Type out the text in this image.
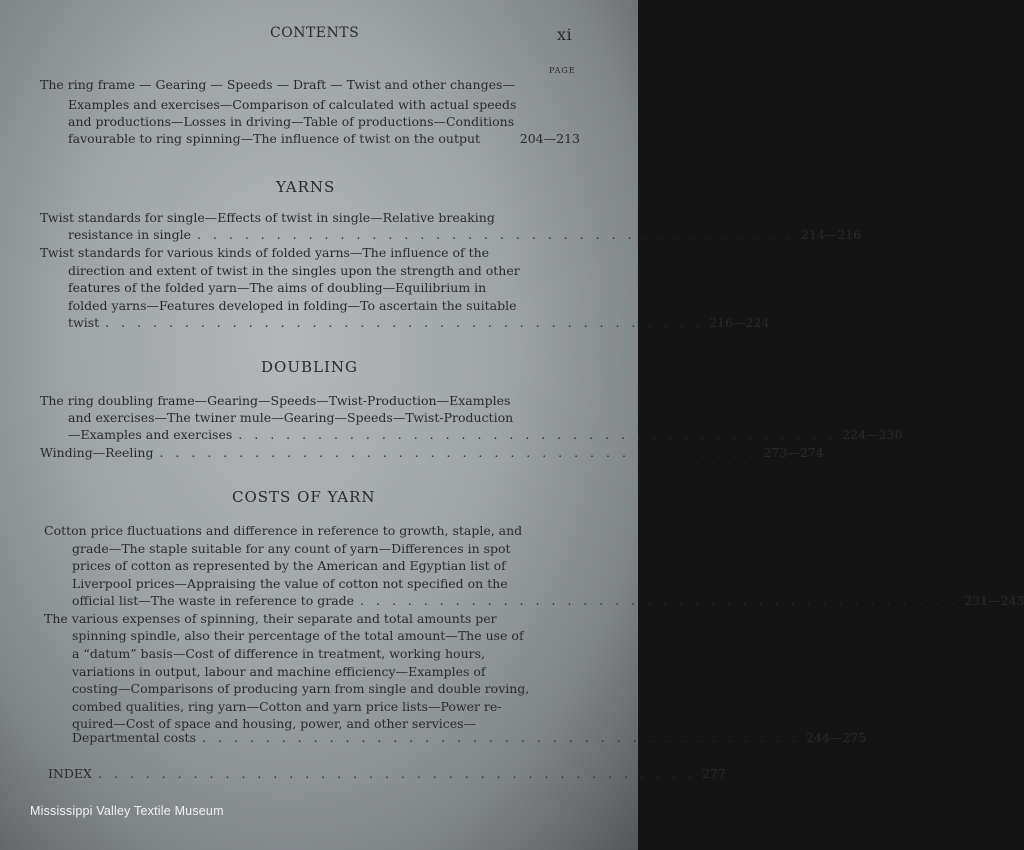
CONTENTS	xi
PAGE
The ring frame — Gearing — Speeds — Draft — Twist and other changes—
Examples and exercises—Comparison of calculated with actual speeds
and productions—Losses in driving—Table of productions—Conditions
favourable to ring spinning—The influence of twist on the output	204—213
YARNS
Twist standards for single—Effects of twist in single—Relative breaking
resistance in single . . . . . . . . . . . . . . . . . . . . . . . . . . . . . . . . . . . . . . 214—216
Twist standards for various kinds of folded yarns—The influence of the
direction and extent of twist in the singles upon the strength and other
features of the folded yarn—The aims of doubling—Equilibrium in
folded yarns—Features developed in folding—To ascertain the suitable
twist . . . . . . . . . . . . . . . . . . . . . . . . . . . . . . . . . . . . . . 216—224
DOUBLING
The ring doubling frame—Gearing—Speeds—Twist-Production—Examples
and exercises—The twiner mule—Gearing—Speeds—Twist-Production
—Examples and exercises . . . . . . . . . . . . . . . . . . . . . . . . . . . . . . . . . . . . . . 224—230
Winding—Reeling . . . . . . . . . . . . . . . . . . . . . . . . . . . . . . . . . . . . . . 273—274
COSTS OF YARN
Cotton price fluctuations and difference in reference to growth, staple, and
grade—The staple suitable for any count of yarn—Differences in spot
prices of cotton as represented by the American and Egyptian list of
Liverpool prices—Appraising the value of cotton not specified on the
official list—The waste in reference to grade . . . . . . . . . . . . . . . . . . . . . . . . . . . . . . . . . . . . . . 231—243
The various expenses of spinning, their separate and total amounts per
spinning spindle, also their percentage of the total amount—The use of
a “datum” basis—Cost of difference in treatment, working hours,
variations in output, labour and machine efficiency—Examples of
costing—Comparisons of producing yarn from single and double roving,
combed qualities, ring yarn—Cotton and yarn price lists—Power re-
quired—Cost of space and housing, power, and other services—
Departmental costs . . . . . . . . . . . . . . . . . . . . . . . . . . . . . . . . . . . . . . 244—275
INDEX . . . . . . . . . . . . . . . . . . . . . . . . . . . . . . . . . . . . . . 277
Mississippi Valley Textile Museum
